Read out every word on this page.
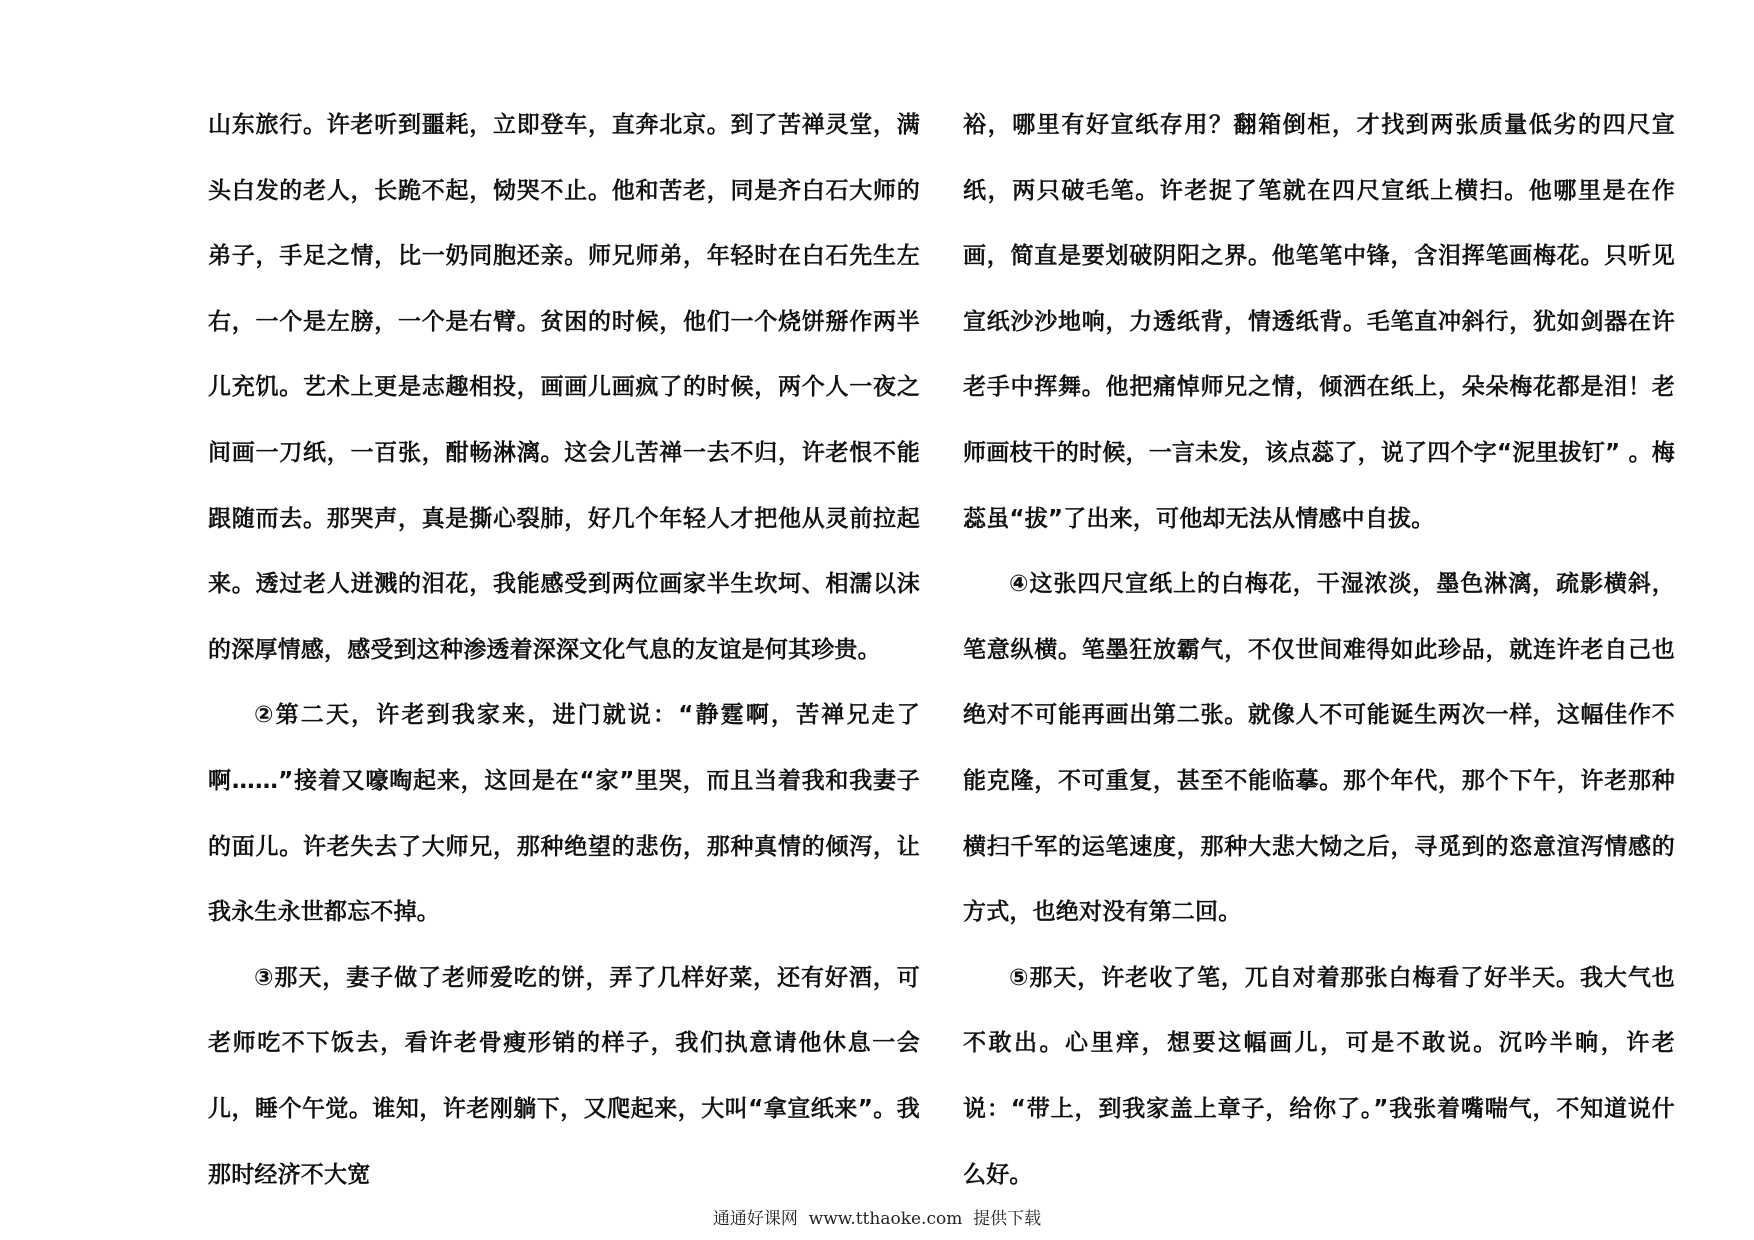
山东旅行。许老听到噩耗，立即登车，直奔北京。到了苦禅灵堂，满头白发的老人，长跪不起，恸哭不止。他和苦老，同是齐白石大师的弟子，手足之情，比一奶同胞还亲。师兄师弟，年轻时在白石先生左右，一个是左膀，一个是右臂。贫困的时候，他们一个烧饼掰作两半儿充饥。艺术上更是志趣相投，画画儿画疯了的时候，两个人一夜之间画一刀纸，一百张，酣畅淋漓。这会儿苦禅一去不归，许老恨不能跟随而去。那哭声，真是撕心裂肺，好几个年轻人才把他从灵前拉起来。透过老人迸溅的泪花，我能感受到两位画家半生坎坷、相濡以沫的深厚情感，感受到这种渗透着深深文化气息的友谊是何其珍贵。

②第二天，许老到我家来，进门就说：“静霆啊，苦禅兄走了啊……”接着又嚎啕起来，这回是在“家”里哭，而且当着我和我妻子的面儿。许老失去了大师兄，那种绝望的悲伤，那种真情的倾泻，让我永生永世都忘不掉。

③那天，妻子做了老师爱吃的饼，弄了几样好菜，还有好酒，可老师吃不下饭去，看许老骨瘦形销的样子，我们执意请他休息一会儿，睡个午觉。谁知，许老刚躺下，又爬起来，大叫“拿宣纸来”。我那时经济不大宽

裕，哪里有好宣纸存用？翻箱倒柜，才找到两张质量低劣的四尺宣纸，两只破毛笔。许老捉了笔就在四尺宣纸上横扫。他哪里是在作画，简直是要划破阴阳之界。他笔笔中锋，含泪挥笔画梅花。只听见宣纸沙沙地响，力透纸背，情透纸背。毛笔直冲斜行，犹如剑器在许老手中挥舞。他把痛悼师兄之情，倾洒在纸上，朵朵梅花都是泪！老师画枝干的时候，一言未发，该点蕊了，说了四个字“泥里拔钉” 。梅蕊虽“拔”了出来，可他却无法从情感中自拔。

④这张四尺宣纸上的白梅花，干湿浓淡，墨色淋漓，疏影横斜，笔意纵横。笔墨狂放霸气，不仅世间难得如此珍品，就连许老自己也绝对不可能再画出第二张。就像人不可能诞生两次一样，这幅佳作不能克隆，不可重复，甚至不能临摹。那个年代，那个下午，许老那种横扫千军的运笔速度，那种大悲大恸之后，寻觅到的恣意渲泻情感的方式，也绝对没有第二回。

⑤那天，许老收了笔，兀自对着那张白梅看了好半天。我大气也不敢出。心里痒，想要这幅画儿，可是不敢说。沉吟半晌，许老说：“带上，到我家盖上章子，给你了。”我张着嘴喘气，不知道说什么好。

通通好课网  www.tthaoke.com  提供下载
